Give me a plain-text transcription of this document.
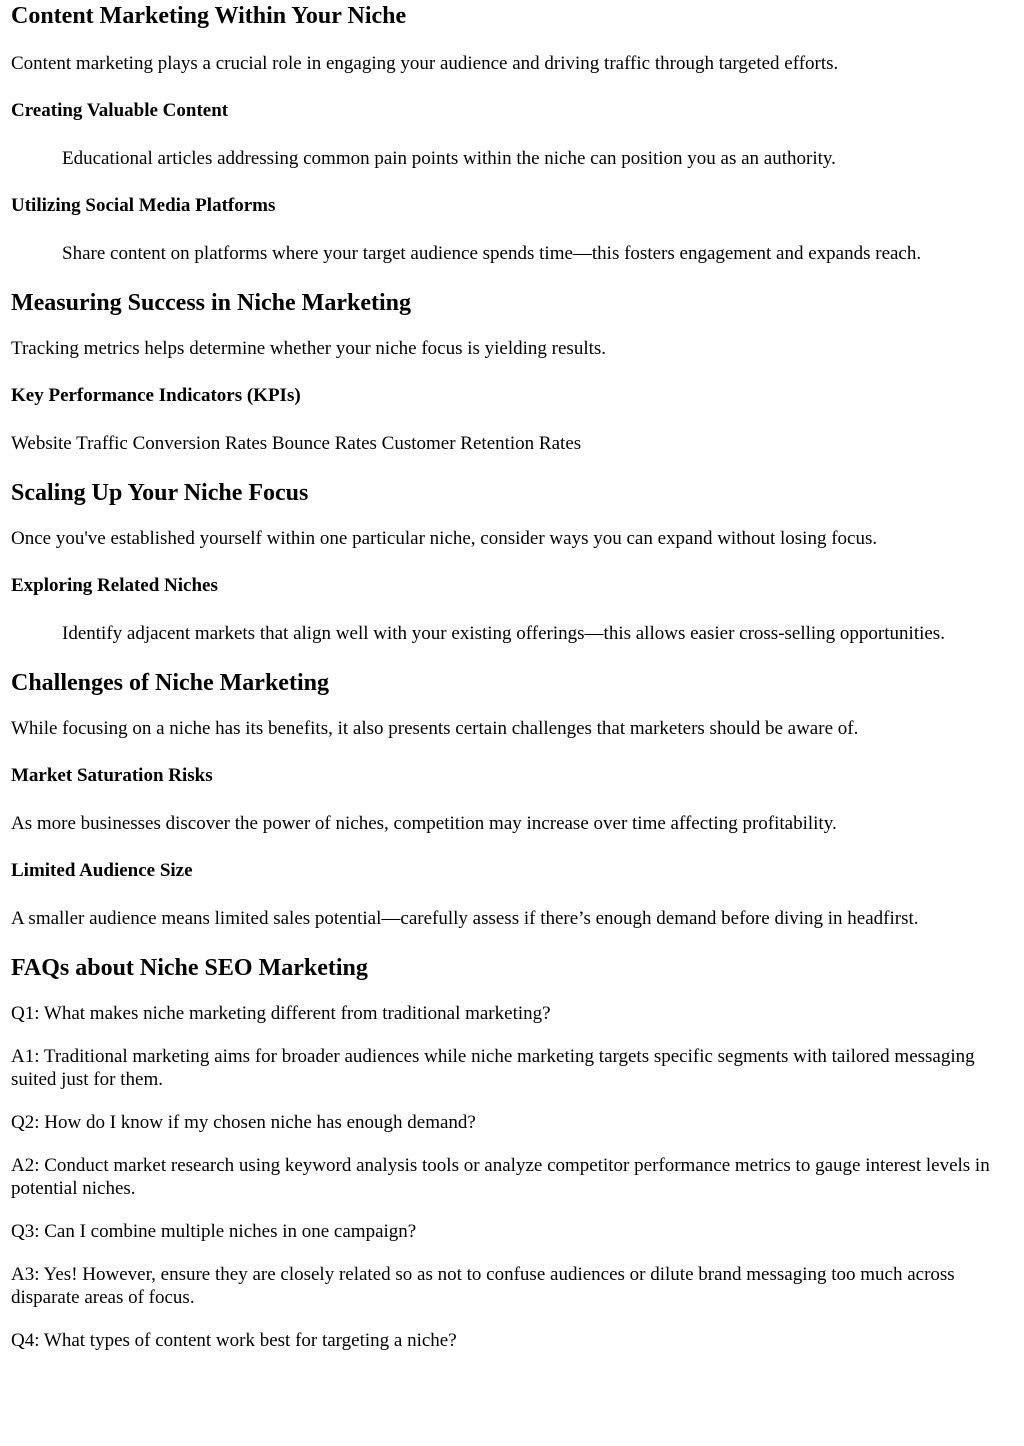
Content Marketing Within Your Niche

Content marketing plays a crucial role in engaging your audience and driving traffic through targeted efforts.

Creating Valuable Content

Educational articles addressing common pain points within the niche can position you as an authority.

Utilizing Social Media Platforms

Share content on platforms where your target audience spends time—this fosters engagement and expands reach.

Measuring Success in Niche Marketing

Tracking metrics helps determine whether your niche focus is yielding results.

Key Performance Indicators (KPIs)

Website Traffic Conversion Rates Bounce Rates Customer Retention Rates

Scaling Up Your Niche Focus

Once you've established yourself within one particular niche, consider ways you can expand without losing focus.

Exploring Related Niches

Identify adjacent markets that align well with your existing offerings—this allows easier cross-selling opportunities.

Challenges of Niche Marketing

While focusing on a niche has its benefits, it also presents certain challenges that marketers should be aware of.

Market Saturation Risks

As more businesses discover the power of niches, competition may increase over time affecting profitability.

Limited Audience Size

A smaller audience means limited sales potential—carefully assess if there’s enough demand before diving in headfirst.

FAQs about Niche SEO Marketing

Q1: What makes niche marketing different from traditional marketing?

A1: Traditional marketing aims for broader audiences while niche marketing targets specific segments with tailored messaging suited just for them.

Q2: How do I know if my chosen niche has enough demand?

A2: Conduct market research using keyword analysis tools or analyze competitor performance metrics to gauge interest levels in potential niches.

Q3: Can I combine multiple niches in one campaign?

A3: Yes! However, ensure they are closely related so as not to confuse audiences or dilute brand messaging too much across disparate areas of focus.

Q4: What types of content work best for targeting a niche?
